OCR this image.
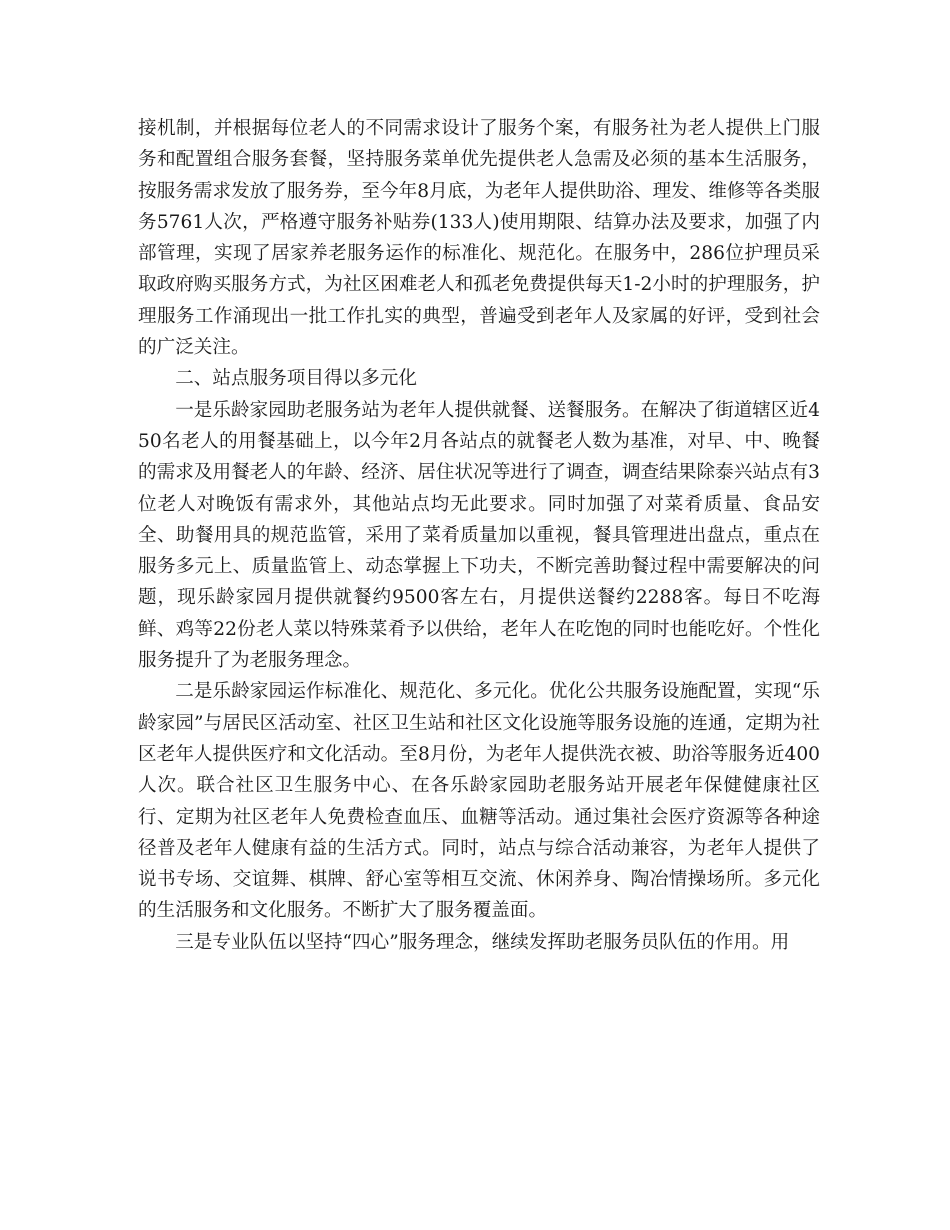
接机制，并根据每位老人的不同需求设计了服务个案，有服务社为老人提供上门服务和配置组合服务套餐，坚持服务菜单优先提供老人急需及必须的基本生活服务，按服务需求发放了服务券，至今年8月底，为老年人提供助浴、理发、维修等各类服务5761人次，严格遵守服务补贴券(133人)使用期限、结算办法及要求，加强了内部管理，实现了居家养老服务运作的标准化、规范化。在服务中，286位护理员采取政府购买服务方式，为社区困难老人和孤老免费提供每天1-2小时的护理服务，护理服务工作涌现出一批工作扎实的典型，普遍受到老年人及家属的好评，受到社会的广泛关注。

二、站点服务项目得以多元化

一是乐龄家园助老服务站为老年人提供就餐、送餐服务。在解决了街道辖区近450名老人的用餐基础上，以今年2月各站点的就餐老人数为基准，对早、中、晚餐的需求及用餐老人的年龄、经济、居住状况等进行了调查，调查结果除泰兴站点有3位老人对晚饭有需求外，其他站点均无此要求。同时加强了对菜肴质量、食品安全、助餐用具的规范监管，采用了菜肴质量加以重视，餐具管理进出盘点，重点在服务多元上、质量监管上、动态掌握上下功夫，不断完善助餐过程中需要解决的问题，现乐龄家园月提供就餐约9500客左右，月提供送餐约2288客。每日不吃海鲜、鸡等22份老人菜以特殊菜肴予以供给，老年人在吃饱的同时也能吃好。个性化服务提升了为老服务理念。

二是乐龄家园运作标准化、规范化、多元化。优化公共服务设施配置，实现“乐龄家园”与居民区活动室、社区卫生站和社区文化设施等服务设施的连通，定期为社区老年人提供医疗和文化活动。至8月份，为老年人提供洗衣被、助浴等服务近400人次。联合社区卫生服务中心、在各乐龄家园助老服务站开展老年保健健康社区行、定期为社区老年人免费检查血压、血糖等活动。通过集社会医疗资源等各种途径普及老年人健康有益的生活方式。同时，站点与综合活动兼容，为老年人提供了说书专场、交谊舞、棋牌、舒心室等相互交流、休闲养身、陶冶情操场所。多元化的生活服务和文化服务。不断扩大了服务覆盖面。

三是专业队伍以坚持“四心”服务理念，继续发挥助老服务员队伍的作用。用
